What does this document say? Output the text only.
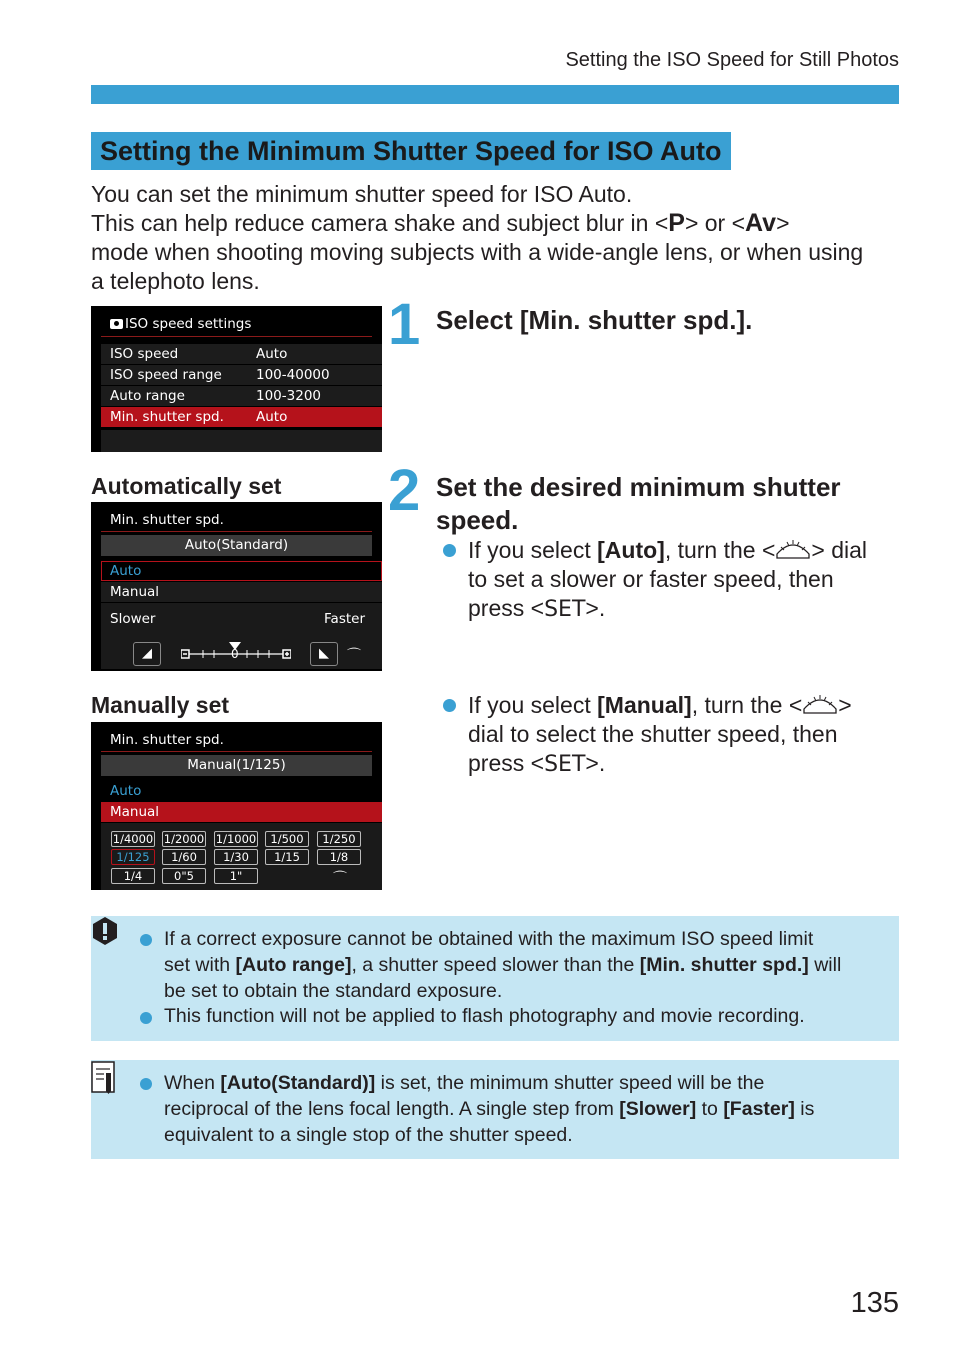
Setting the ISO Speed for Still Photos
Setting the Minimum Shutter Speed for ISO Auto

You can set the minimum shutter speed for ISO Auto.

This can help reduce camera shake and subject blur in <P> or <Av>

mode when shooting moving subjects with a wide-angle lens, or when using

a telephoto lens.

ISO speed settings
ISO speed	Auto
ISO speed range	100-40000
Auto range	100-3200
Min. shutter spd. Auto
1 Select [Min. shutter spd.].
Automatically set
Min. shutter spd.
Auto(Standard)
Auto
Manual
Slower	Faster
◢	0	◣	⌒
2 Set the desired minimum shutter
speed.
If you select [Auto], turn the < > dial
to set a slower or faster speed, then
press <SET>.
Manually set
Min. shutter spd.
Manual(1/125)
Auto
Manual
1/4000 1/2000 1/1000	1/500	1/250
1/125	1/60	1/30	1/15	1/8
1/4	0"5	1"	⌒
If you select [Manual], turn the < >
dial to select the shutter speed, then
press <SET>.
If a correct exposure cannot be obtained with the maximum ISO speed limit
set with [Auto range], a shutter speed slower than the [Min. shutter spd.] will
be set to obtain the standard exposure.
This function will not be applied to flash photography and movie recording.
When [Auto(Standard)] is set, the minimum shutter speed will be the
reciprocal of the lens focal length. A single step from [Slower] to [Faster] is
equivalent to a single stop of the shutter speed.
135
